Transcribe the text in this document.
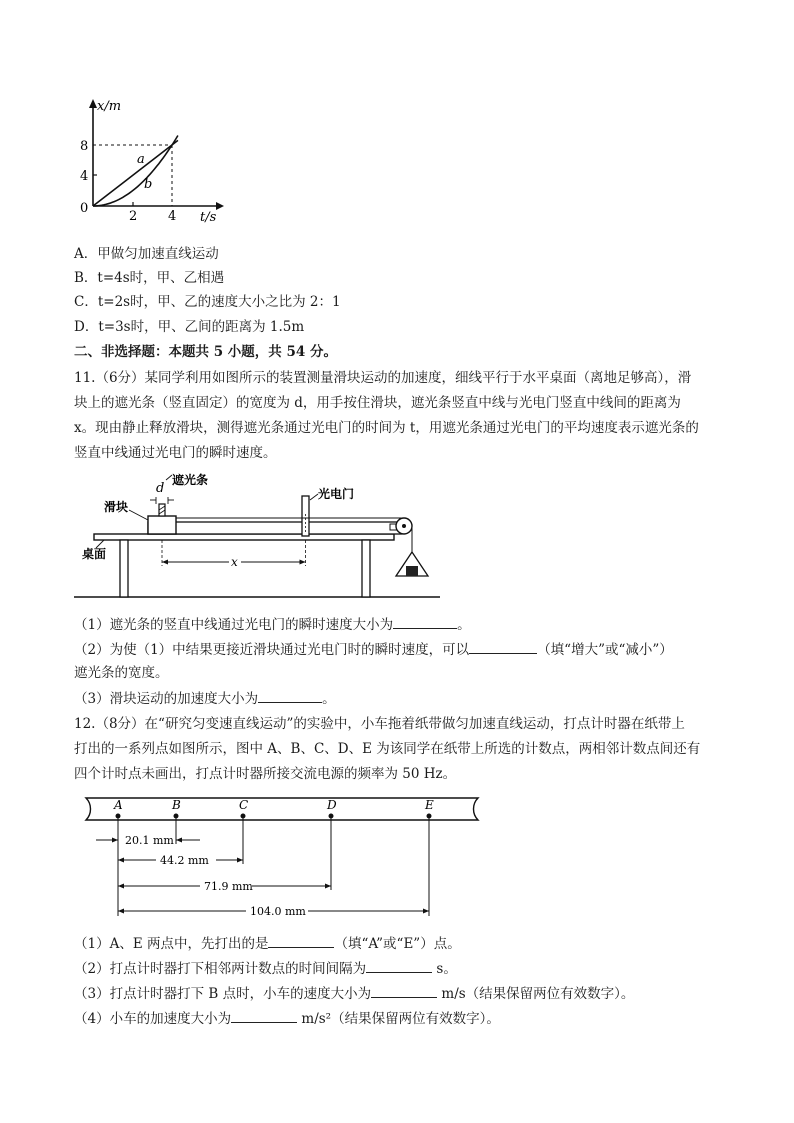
x/m
t/s
8
4
0
2 4
a
b
A．甲做匀加速直线运动
B．t=4s时，甲、乙相遇
C．t=2s时，甲、乙的速度大小之比为 2：1
D．t=3s时，甲、乙间的距离为 1.5m
二、非选择题：本题共 5 小题，共 54 分。
11.（6分）某同学利用如图所示的装置测量滑块运动的加速度，细线平行于水平桌面（离地足够高），滑
块上的遮光条（竖直固定）的宽度为 d，用手按住滑块，遮光条竖直中线与光电门竖直中线间的距离为
x。现由静止释放滑块，测得遮光条通过光电门的时间为 t，用遮光条通过光电门的平均速度表示遮光条的
竖直中线通过光电门的瞬时速度。
d
遮光条
滑块
光电门
桌面
x
（1）遮光条的竖直中线通过光电门的瞬时速度大小为	。
（2）为使（1）中结果更接近滑块通过光电门时的瞬时速度，可以	（填“增大”或“减小”）
遮光条的宽度。
（3）滑块运动的加速度大小为	。
12.（8分）在“研究匀变速直线运动”的实验中，小车拖着纸带做匀加速直线运动，打点计时器在纸带上
打出的一系列点如图所示，图中 A、B、C、D、E 为该同学在纸带上所选的计数点，两相邻计数点间还有
四个计时点未画出，打点计时器所接交流电源的频率为 50 Hz。
A	B	C	D	E
20.1 mm
44.2 mm
71.9 mm
104.0 mm
（1）A、E 两点中，先打出的是	（填“A”或“E”）点。
（2）打点计时器打下相邻两计数点的时间间隔为	s。
（3）打点计时器打下 B 点时，小车的速度大小为	m/s（结果保留两位有效数字）。
（4）小车的加速度大小为	m/s²（结果保留两位有效数字）。
